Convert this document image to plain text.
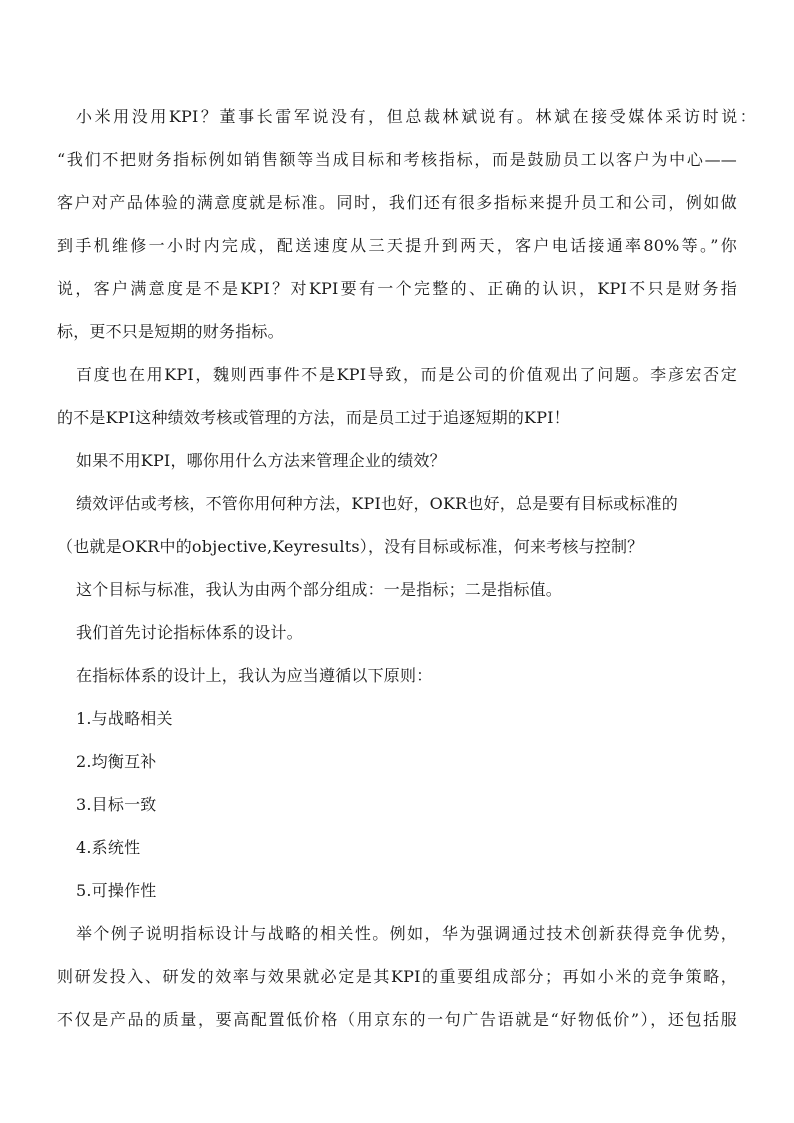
小米用没用KPI？董事长雷军说没有，但总裁林斌说有。林斌在接受媒体采访时说：
“我们不把财务指标例如销售额等当成目标和考核指标，而是鼓励员工以客户为中心——
客户对产品体验的满意度就是标准。同时，我们还有很多指标来提升员工和公司，例如做
到手机维修一小时内完成，配送速度从三天提升到两天，客户电话接通率80%等。”你
说，客户满意度是不是KPI？对KPI要有一个完整的、正确的认识，KPI不只是财务指
标，更不只是短期的财务指标。
百度也在用KPI，魏则西事件不是KPI导致，而是公司的价值观出了问题。李彦宏否定
的不是KPI这种绩效考核或管理的方法，而是员工过于追逐短期的KPI！
如果不用KPI，哪你用什么方法来管理企业的绩效？
绩效评估或考核，不管你用何种方法，KPI也好，OKR也好，总是要有目标或标准的
（也就是OKR中的objective,Keyresults），没有目标或标准，何来考核与控制？
这个目标与标准，我认为由两个部分组成：一是指标；二是指标值。
我们首先讨论指标体系的设计。
在指标体系的设计上，我认为应当遵循以下原则：
1.与战略相关
2.均衡互补
3.目标一致
4.系统性
5.可操作性
举个例子说明指标设计与战略的相关性。例如，华为强调通过技术创新获得竞争优势，
则研发投入、研发的效率与效果就必定是其KPI的重要组成部分；再如小米的竞争策略，
不仅是产品的质量，要高配置低价格（用京东的一句广告语就是“好物低价”），还包括服
